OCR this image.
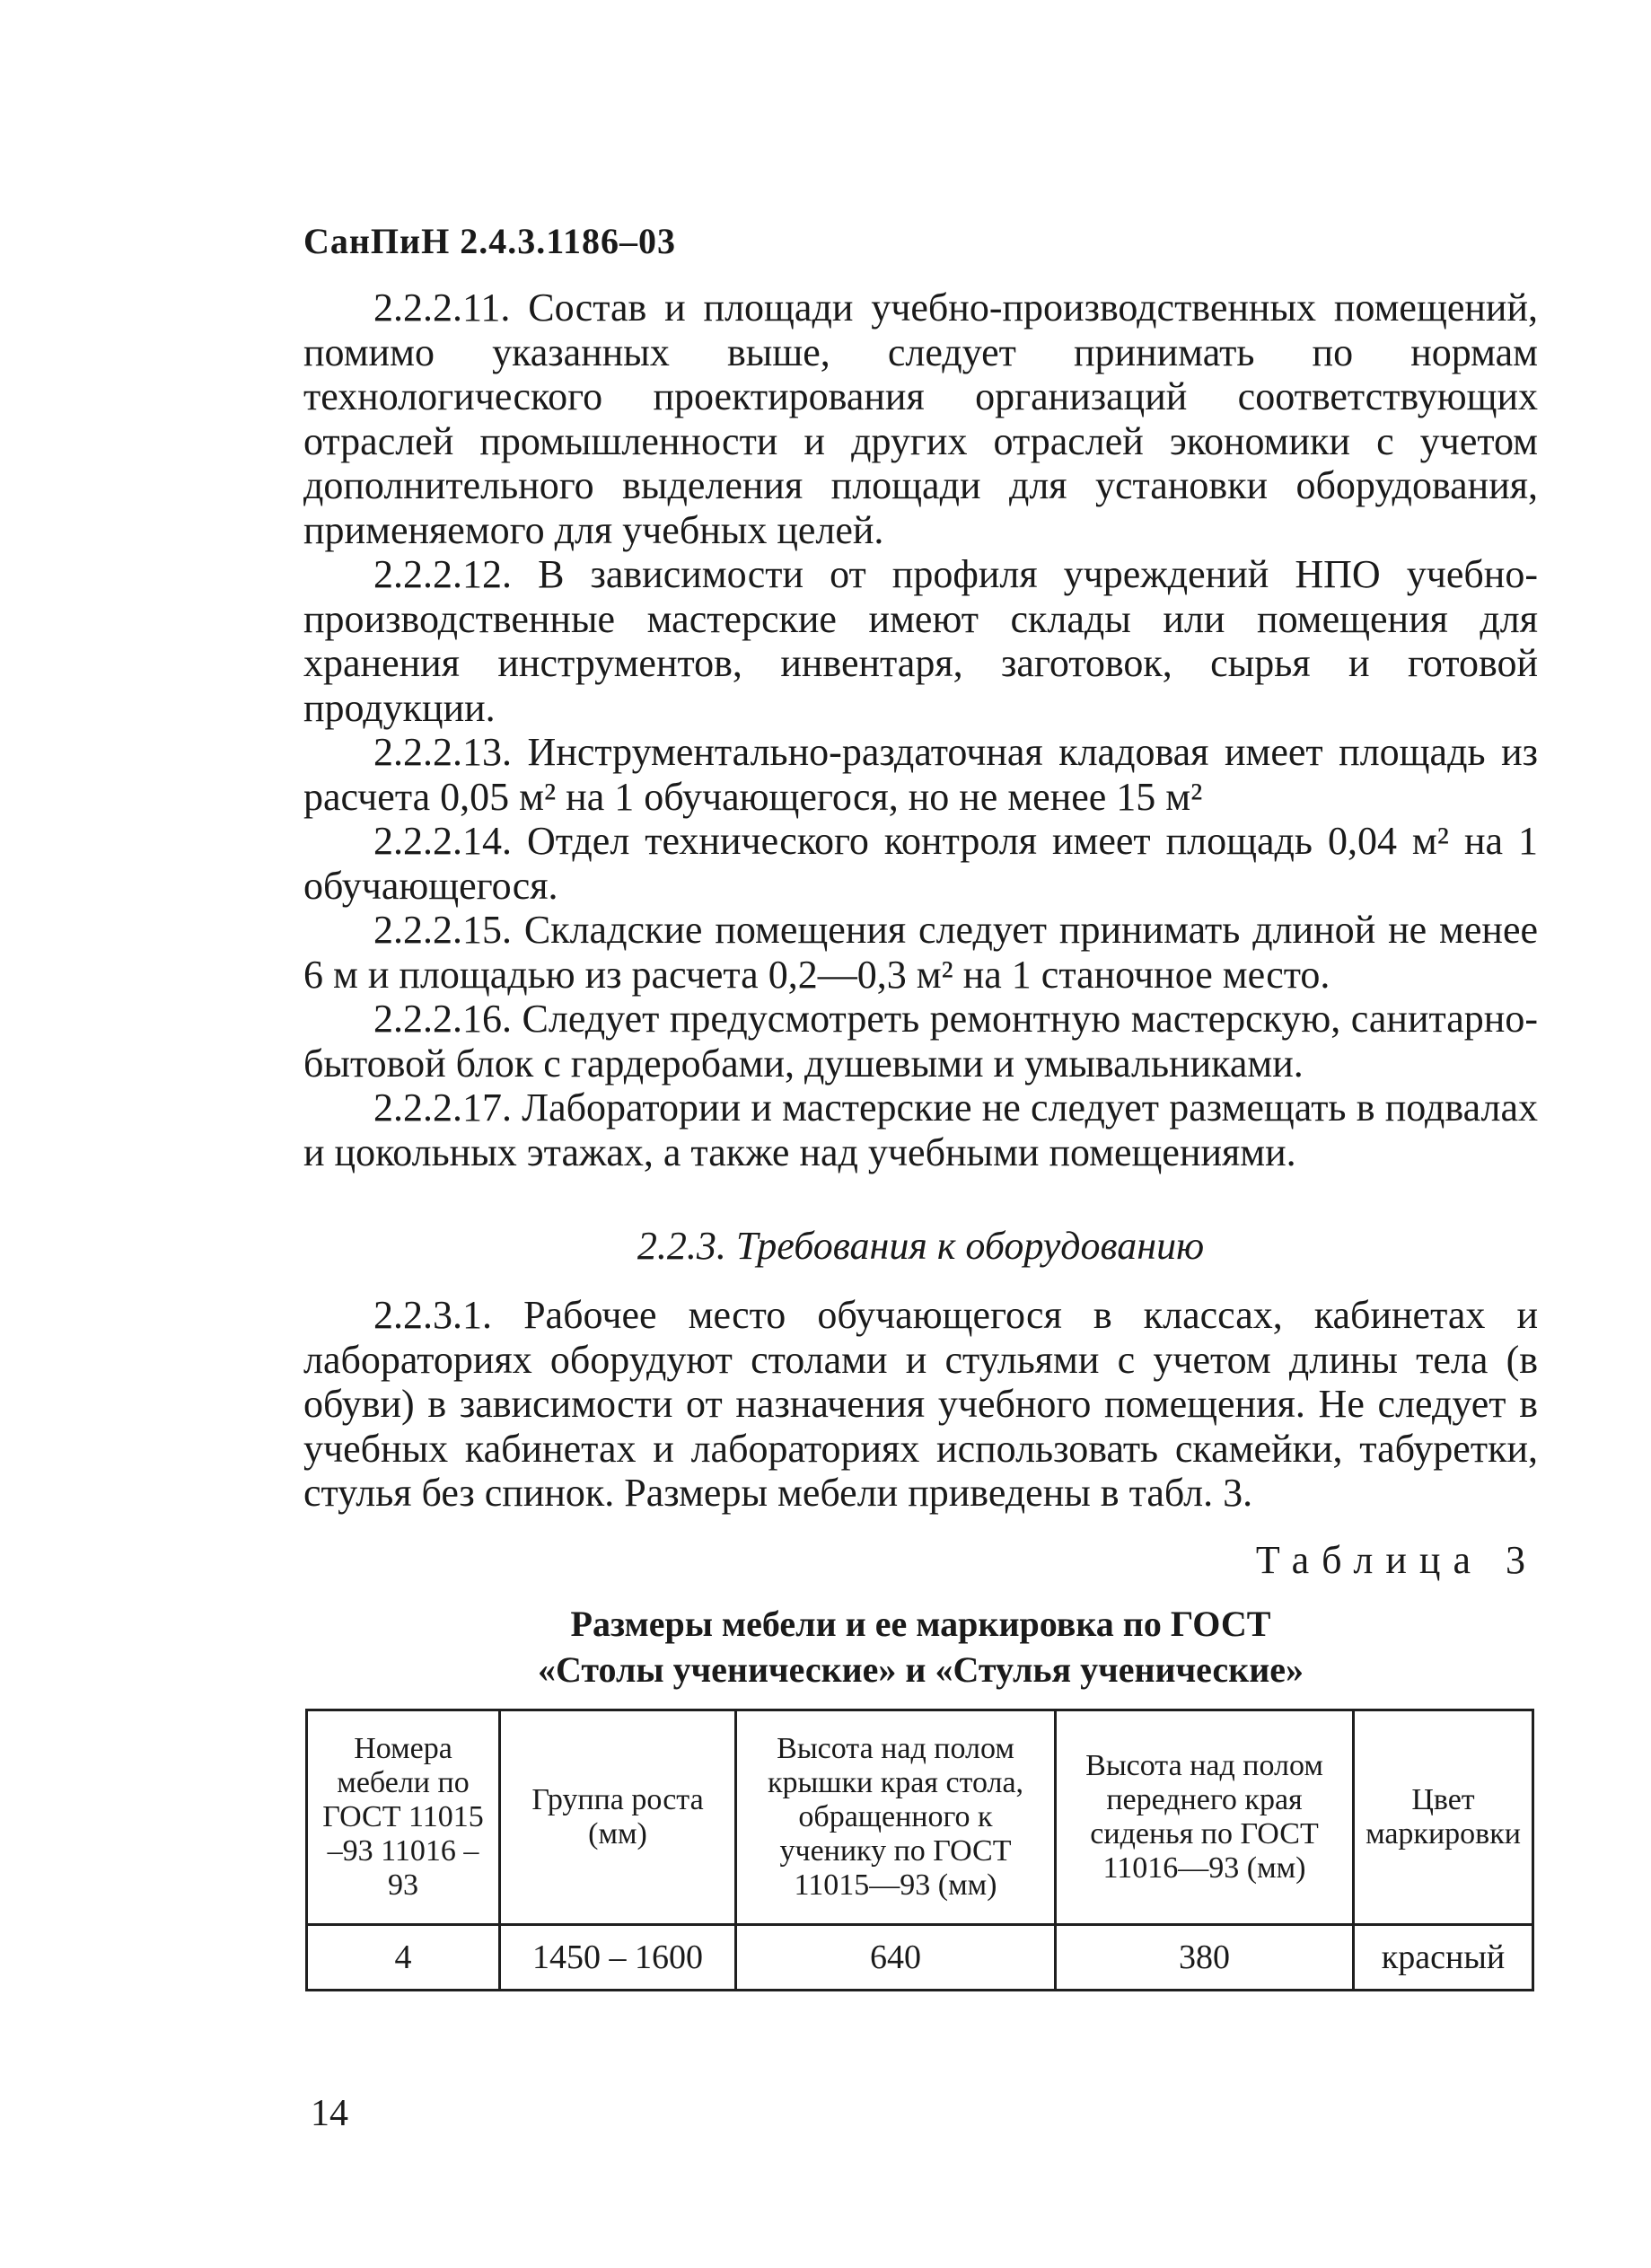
СанПиН 2.4.3.1186–03

2.2.2.11. Состав и площади учебно-производственных помещений, помимо указанных выше, следует принимать по нормам технологического проектирования организаций соответствующих отраслей промышленности и других отраслей экономики с учетом дополнительного выделения площади для установки оборудования, применяемого для учебных целей.

2.2.2.12. В зависимости от профиля учреждений НПО учебно-производственные мастерские имеют склады или помещения для хранения инструментов, инвентаря, заготовок, сырья и готовой продукции.

2.2.2.13. Инструментально-раздаточная кладовая имеет площадь из расчета 0,05 м² на 1 обучающегося, но не менее 15 м²

2.2.2.14. Отдел технического контроля имеет площадь 0,04 м² на 1 обучающегося.

2.2.2.15. Складские помещения следует принимать длиной не менее 6 м и площадью из расчета 0,2—0,3 м² на 1 станочное место.

2.2.2.16. Следует предусмотреть ремонтную мастерскую, санитарно-бытовой блок с гардеробами, душевыми и умывальниками.

2.2.2.17. Лаборатории и мастерские не следует размещать в подвалах и цокольных этажах, а также над учебными помещениями.

2.2.3. Требования к оборудованию

2.2.3.1. Рабочее место обучающегося в классах, кабинетах и лабораториях оборудуют столами и стульями с учетом длины тела (в обуви) в зависимости от назначения учебного помещения. Не следует в учебных кабинетах и лабораториях использовать скамейки, табуретки, стулья без спинок. Размеры мебели приведены в табл. 3.

Таблица 3
Размеры мебели и ее маркировка по ГОСТ
«Столы ученические» и «Стулья ученические»
Номера мебели по ГОСТ 11015 –93 11016 –93	Группа роста (мм)	Высота над полом крышки края стола, обращенного к ученику по ГОСТ 11015—93 (мм)	Высота над полом переднего края сиденья по ГОСТ 11016—93 (мм)	Цвет маркировки
4	1450 – 1600	640	380	красный
14
